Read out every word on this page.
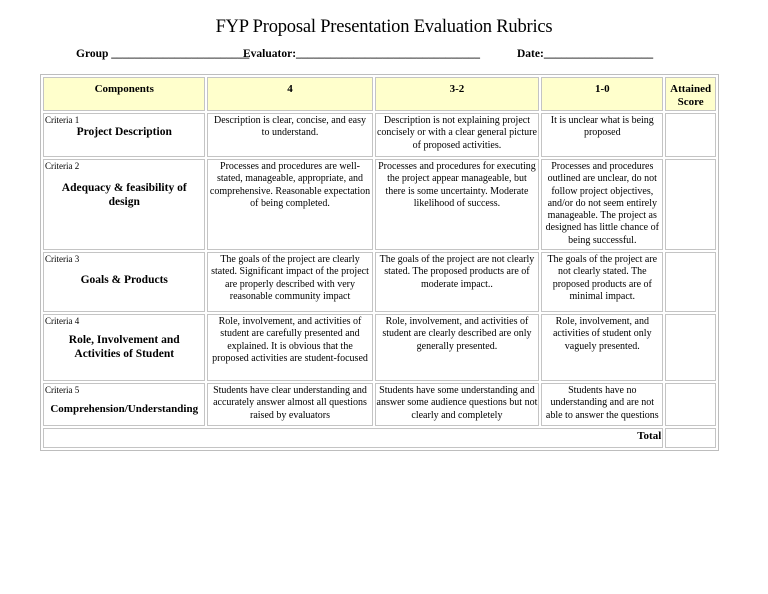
FYP Proposal Presentation Evaluation Rubrics
Group ________________________
Evaluator:________________________________	Date:___________________
Components	4	3-2	1-0	Attained Score

Criteria 1
Project Description	Description is clear, concise, and easy to understand.	Description is not explaining project concisely or with a clear general picture of proposed activities.	It is unclear what is being proposed	

Criteria 2
Adequacy & feasibility of design	Processes and procedures are well-stated, manageable, appropriate, and comprehensive. Reasonable expectation of being completed.	Processes and procedures for executing the project appear manageable, but there is some uncertainty. Moderate likelihood of success.	Processes and procedures outlined are unclear, do not follow project objectives, and/or do not seem entirely manageable. The project as designed has little chance of being successful.	

Criteria 3
Goals & Products	The goals of the project are clearly stated. Significant impact of the project are properly described with very reasonable community impact	The goals of the project are not clearly stated. The proposed products are of moderate impact..	The goals of the project are not clearly stated. The proposed products are of minimal impact.	

Criteria 4
Role, Involvement and Activities of Student	Role, involvement, and activities of student are carefully presented and explained. It is obvious that the proposed activities are student-focused	Role, involvement, and activities of student are clearly described are only generally presented.	Role, involvement, and activities of student only vaguely presented.	

Criteria 5
Comprehension/Understanding	Students have clear understanding and accurately answer almost all questions raised by evaluators	Students have some understanding and answer some audience questions but not clearly and completely	Students have no understanding and are not able to answer the questions	
Total				
